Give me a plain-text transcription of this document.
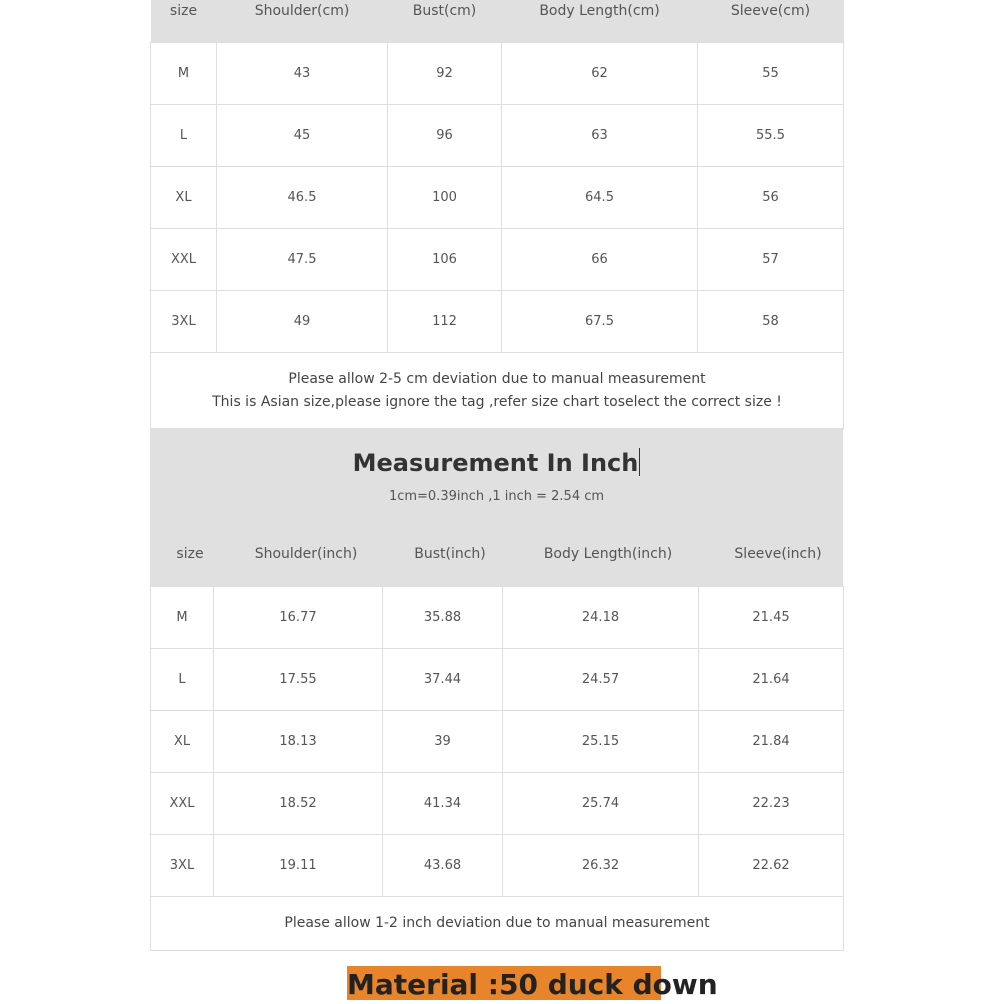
size	Shoulder(cm)	Bust(cm)	Body Length(cm)	Sleeve(cm)
M	43	92	62	55
L	45	96	63	55.5
XL	46.5	100	64.5	56
XXL	47.5	106	66	57
3XL	49	112	67.5	58

Please allow 2-5 cm deviation due to manual measurement
This is Asian size,please ignore the tag ,refer size chart toselect the correct size !				
Measurement In Inch
1cm=0.39inch ,1 inch = 2.54 cm
size	Shoulder(inch)	Bust(inch)	Body Length(inch)	Sleeve(inch)
M	16.77	35.88	24.18	21.45
L	17.55	37.44	24.57	21.64
XL	18.13	39	25.15	21.84
XXL	18.52	41.34	25.74	22.23
3XL	19.11	43.68	26.32	22.62
Please allow 1-2 inch deviation due to manual measurement				
Material :50 duck down
